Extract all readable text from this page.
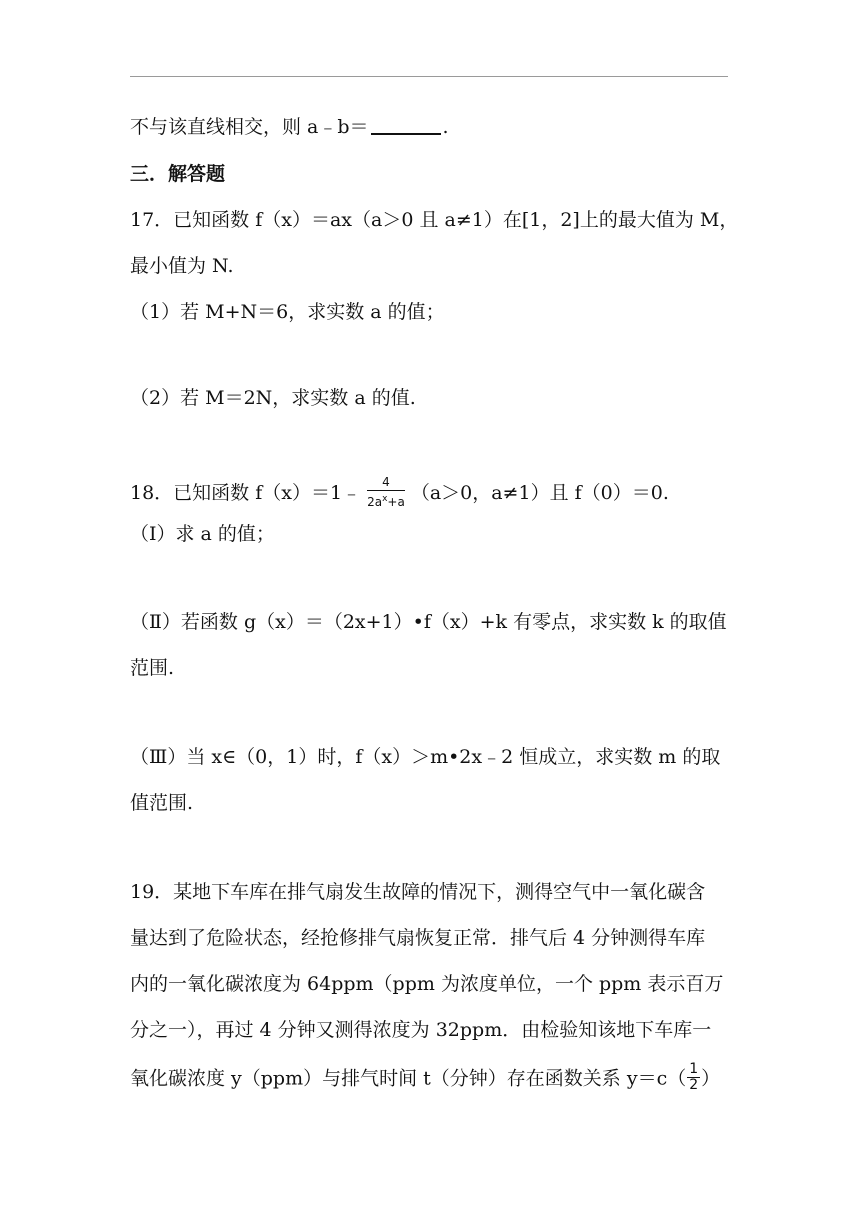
不与该直线相交，则 a﹣b＝	.
三．解答题
17．已知函数 f（x）＝ax（a＞0 且 a≠1）在[1，2]上的最大值为 M，
最小值为 N.
（1）若 M+N＝6，求实数 a 的值；
（2）若 M＝2N，求实数 a 的值.
18．已知函数 f（x）＝1﹣ $\frac{4}{2a^x+a} (a>0$，a≠1）且 f（0）＝0.
（Ⅰ）求 a 的值；
（Ⅱ）若函数 g（x）＝（2x+1）•f（x）+k 有零点，求实数 k 的取值
范围.
（Ⅲ）当 x∈（0，1）时，f（x）＞m•2x﹣2 恒成立，求实数 m 的取
值范围.
19．某地下车库在排气扇发生故障的情况下，测得空气中一氧化碳含
量达到了危险状态，经抢修排气扇恢复正常．排气后 4 分钟测得车库
内的一氧化碳浓度为 64ppm（ppm 为浓度单位，一个 ppm 表示百万
分之一），再过 4 分钟又测得浓度为 32ppm．由检验知该地下车库一
氧化碳浓度 y（ppm）与排气时间 t（分钟）存在函数关系 $y=c( \frac{1}{2}$ ）
